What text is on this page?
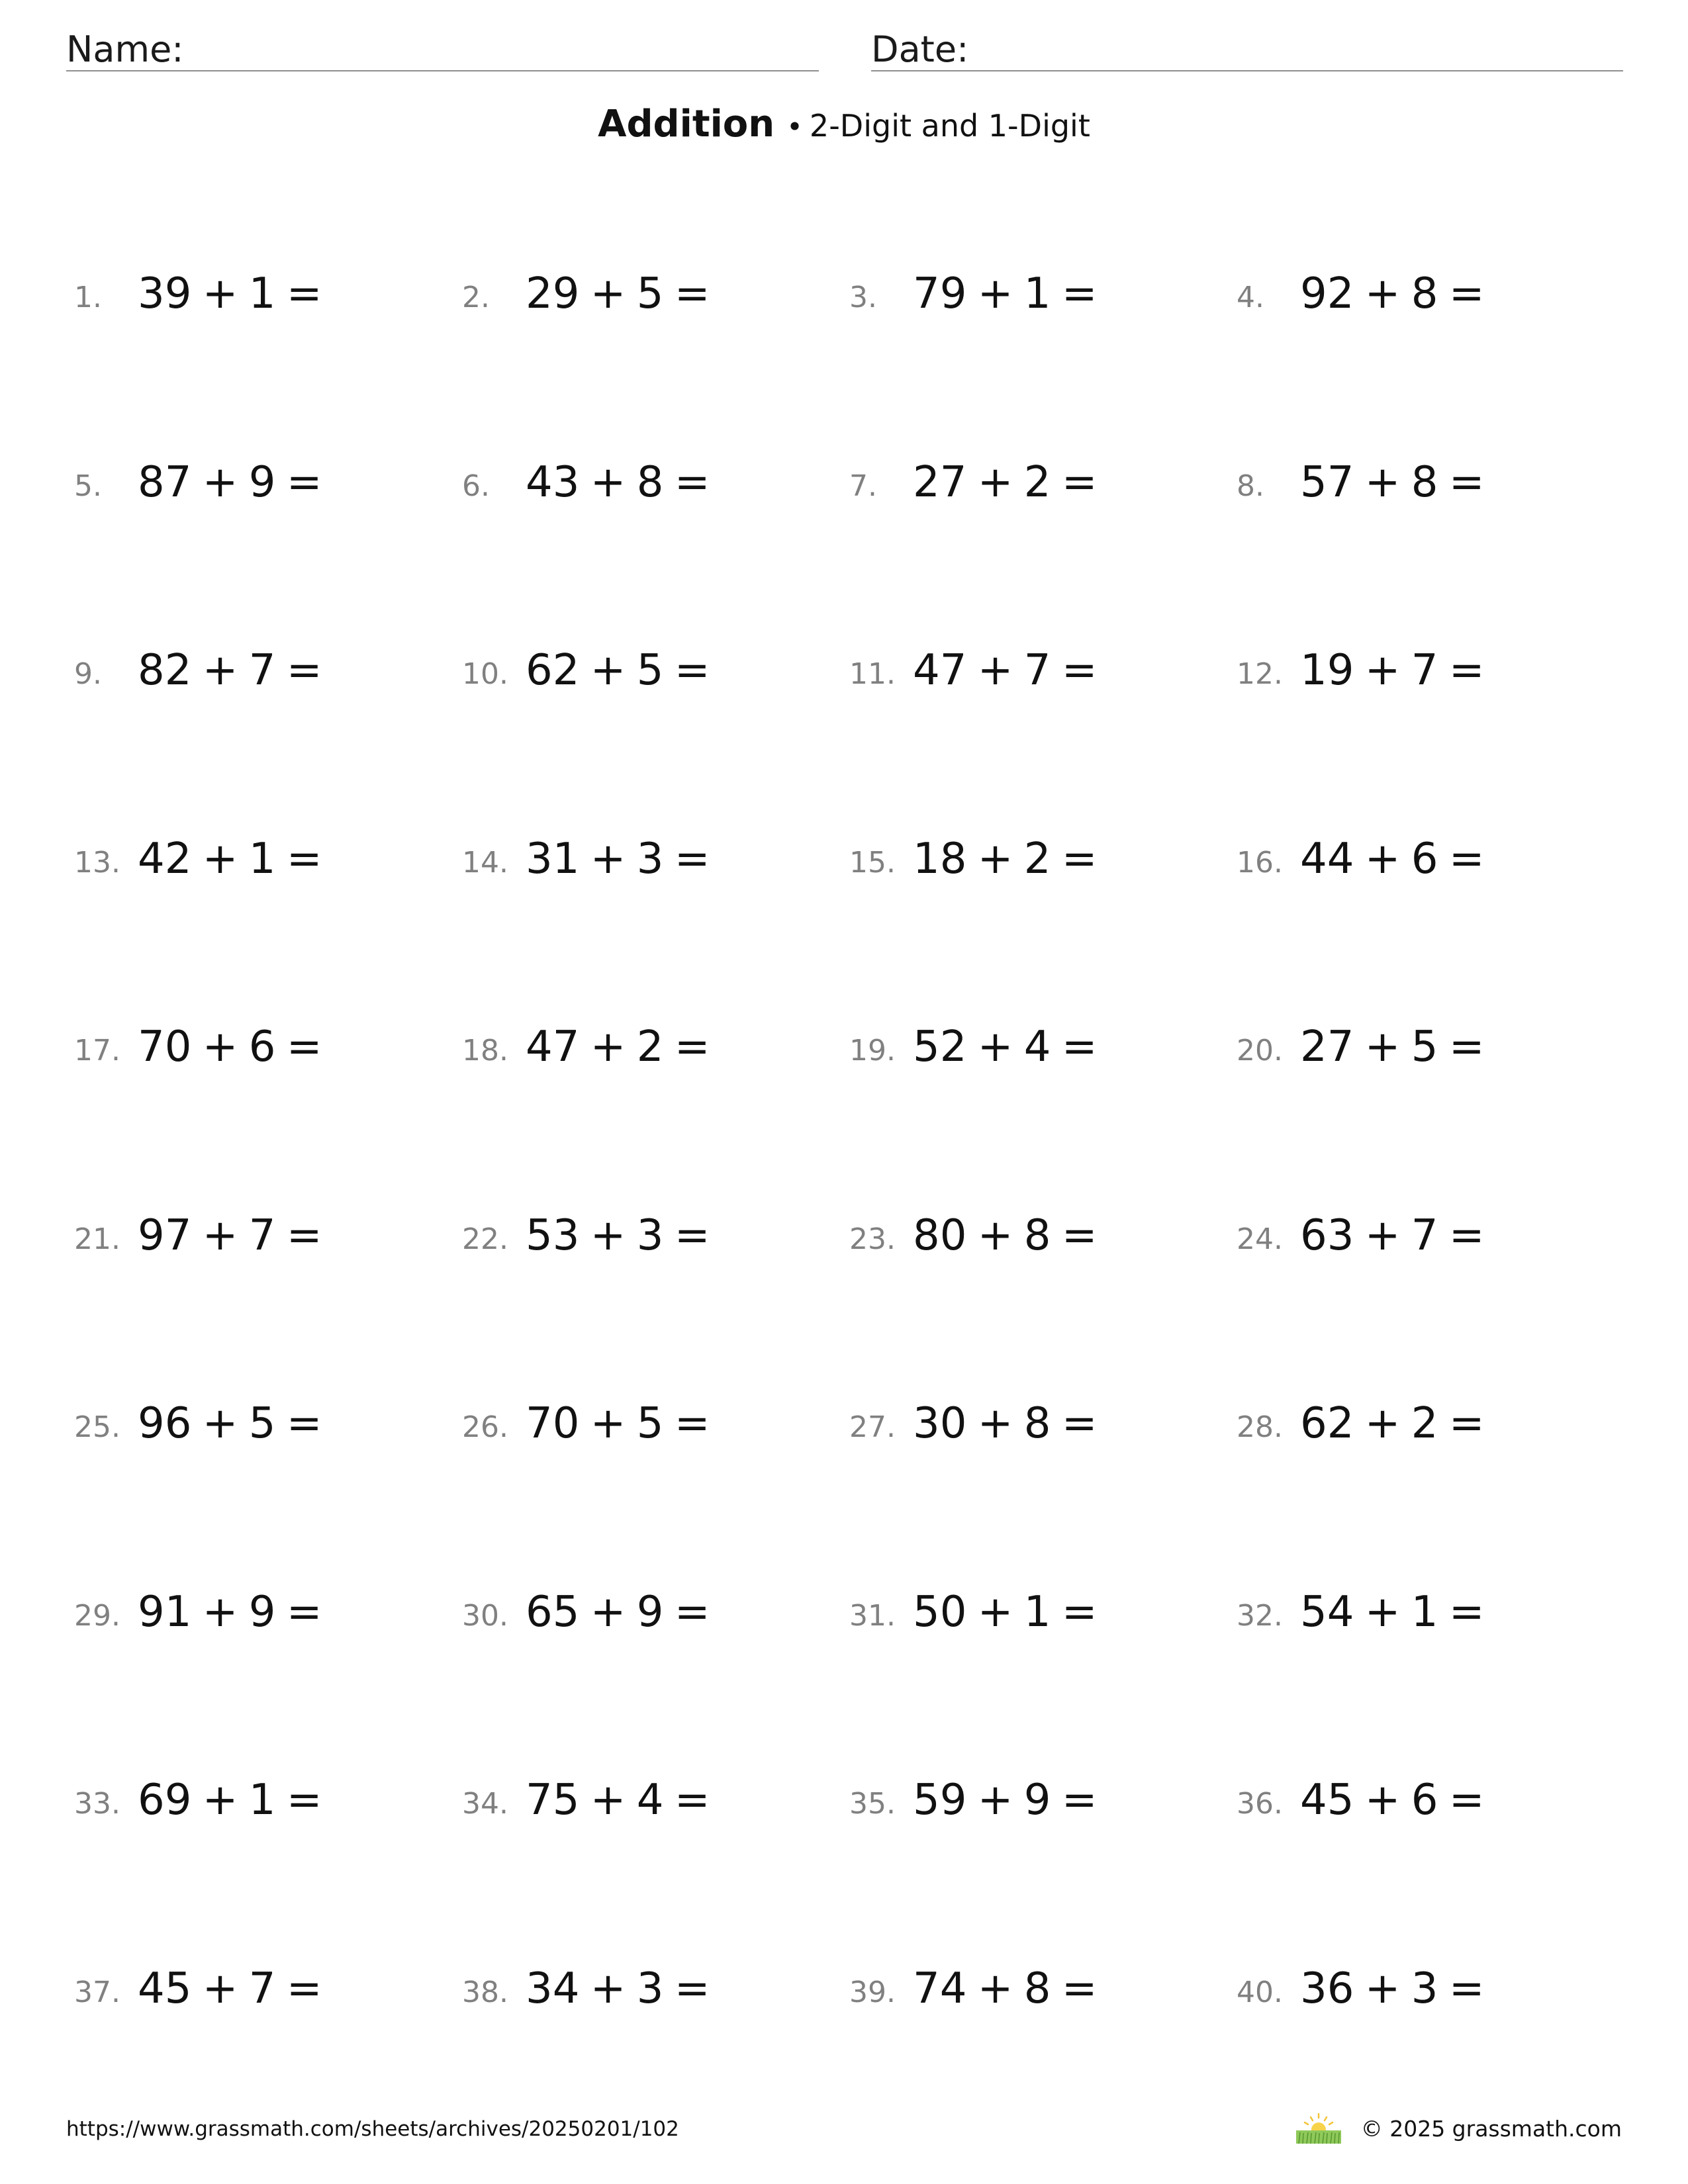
Name:	Date:
Addition • 2-Digit and 1-Digit
1. 39 + 1 =	2. 29 + 5 =	3. 79 + 1 =	4. 92 + 8 =
5. 87 + 9 =	6. 43 + 8 =	7. 27 + 2 =	8. 57 + 8 =
9. 82 + 7 =	10. 62 + 5 =	11. 47 + 7 =	12. 19 + 7 =
13. 42 + 1 =	14. 31 + 3 =	15. 18 + 2 =	16. 44 + 6 =
17. 70 + 6 =	18. 47 + 2 =	19. 52 + 4 =	20. 27 + 5 =
21. 97 + 7 =	22. 53 + 3 =	23. 80 + 8 =	24. 63 + 7 =
25. 96 + 5 =	26. 70 + 5 =	27. 30 + 8 =	28. 62 + 2 =
29. 91 + 9 =	30. 65 + 9 =	31. 50 + 1 =	32. 54 + 1 =
33. 69 + 1 =	34. 75 + 4 =	35. 59 + 9 =	36. 45 + 6 =
37. 45 + 7 =	38. 34 + 3 =	39. 74 + 8 =	40. 36 + 3 =
https://www.grassmath.com/sheets/archives/20250201/102	© 2025 grassmath.com
